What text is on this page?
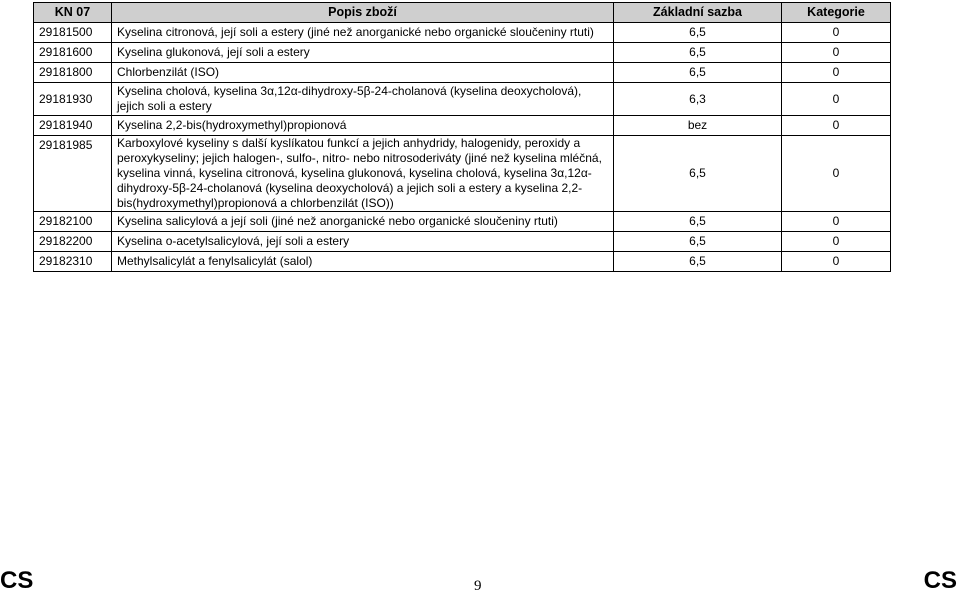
KN 07	Popis zboží	Základní sazba	Kategorie
29181500	Kyselina citronová, její soli a estery (jiné než anorganické nebo organické sloučeniny rtuti)	6,5	0
29181600	Kyselina glukonová, její soli a estery	6,5	0
29181800	Chlorbenzilát (ISO)	6,5	0
29181930	Kyselina cholová, kyselina 3α,12α-dihydroxy-5β-24-cholanová (kyselina deoxycholová), jejich soli a estery	6,3	0
29181940	Kyselina 2,2-bis(hydroxymethyl)propionová	bez	0
29181985	Karboxylové kyseliny s další kyslíkatou funkcí a jejich anhydridy, halogenidy, peroxidy a peroxykyseliny; jejich halogen-, sulfo-, nitro- nebo nitrosoderiváty (jiné než kyselina mléčná, kyselina vinná, kyselina citronová, kyselina glukonová, kyselina cholová, kyselina 3α,12α-dihydroxy-5β-24-cholanová (kyselina deoxycholová) a jejich soli a estery a kyselina 2,2-bis(hydroxymethyl)propionová a chlorbenzilát (ISO))	6,5	0
29182100	Kyselina salicylová a její soli (jiné než anorganické nebo organické sloučeniny rtuti)	6,5	0
29182200	Kyselina o-acetylsalicylová, její soli a estery	6,5	0
29182310	Methylsalicylát a fenylsalicylát (salol)	6,5	0
CS	9	CS
